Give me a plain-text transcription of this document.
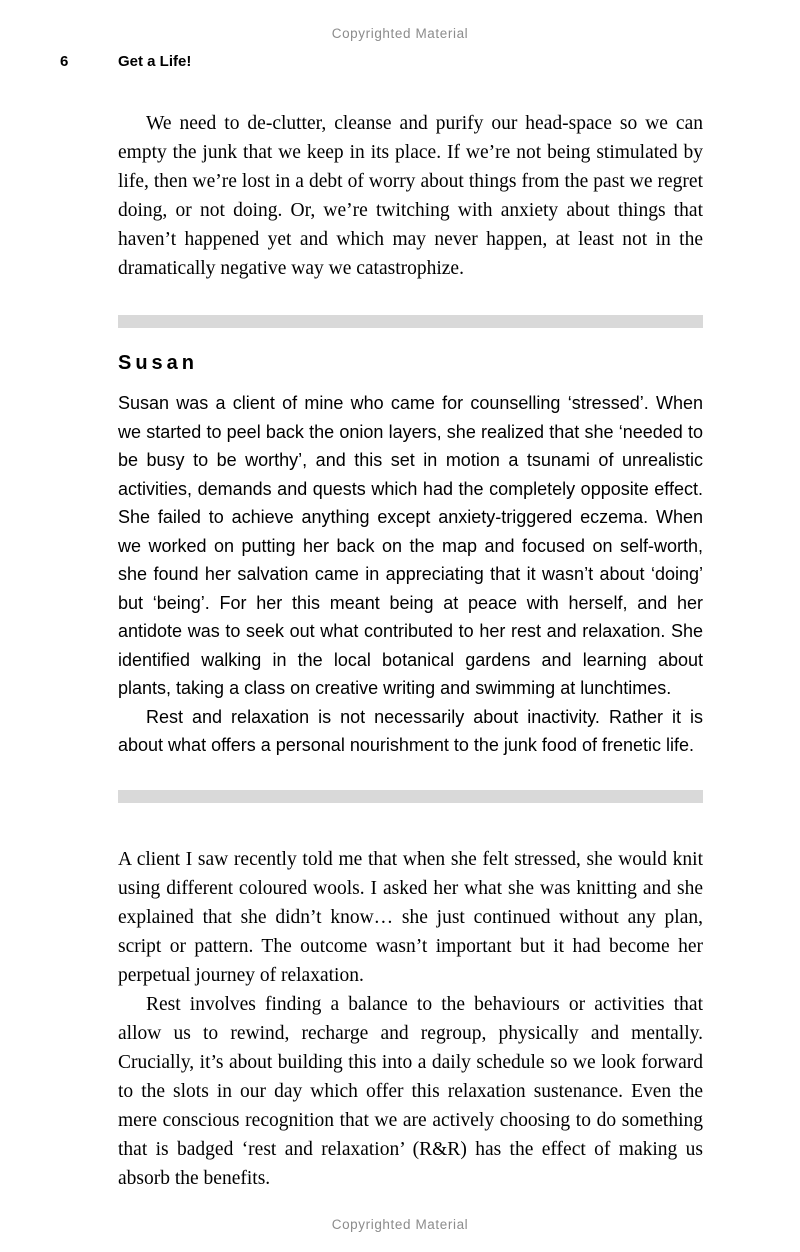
Copyrighted Material
6	Get a Life!

We need to de-clutter, cleanse and purify our head-space so we can empty the junk that we keep in its place. If we’re not being stimulated by life, then we’re lost in a debt of worry about things from the past we regret doing, or not doing. Or, we’re twitching with anxiety about things that haven’t happened yet and which may never happen, at least not in the dramatically negative way we catastrophize.

Susan

Susan was a client of mine who came for counselling ‘stressed’. When we started to peel back the onion layers, she realized that she ‘needed to be busy to be worthy’, and this set in motion a tsunami of unrealistic activities, demands and quests which had the completely opposite effect. She failed to achieve anything except anxiety-triggered eczema. When we worked on putting her back on the map and focused on self-worth, she found her salvation came in appreciating that it wasn’t about ‘doing’ but ‘being’. For her this meant being at peace with herself, and her antidote was to seek out what contributed to her rest and relaxation. She identified walking in the local botanical gardens and learning about plants, taking a class on creative writing and swimming at lunchtimes.

Rest and relaxation is not necessarily about inactivity. Rather it is about what offers a personal nourishment to the junk food of frenetic life.

A client I saw recently told me that when she felt stressed, she would knit using different coloured wools. I asked her what she was knitting and she explained that she didn’t know… she just continued without any plan, script or pattern. The outcome wasn’t important but it had become her perpetual journey of relaxation.

Rest involves finding a balance to the behaviours or activities that allow us to rewind, recharge and regroup, physically and mentally. Crucially, it’s about building this into a daily schedule so we look forward to the slots in our day which offer this relaxation sustenance. Even the mere conscious recognition that we are actively choosing to do something that is badged ‘rest and relaxation’ (R&R) has the effect of making us absorb the benefits.

Copyrighted Material
